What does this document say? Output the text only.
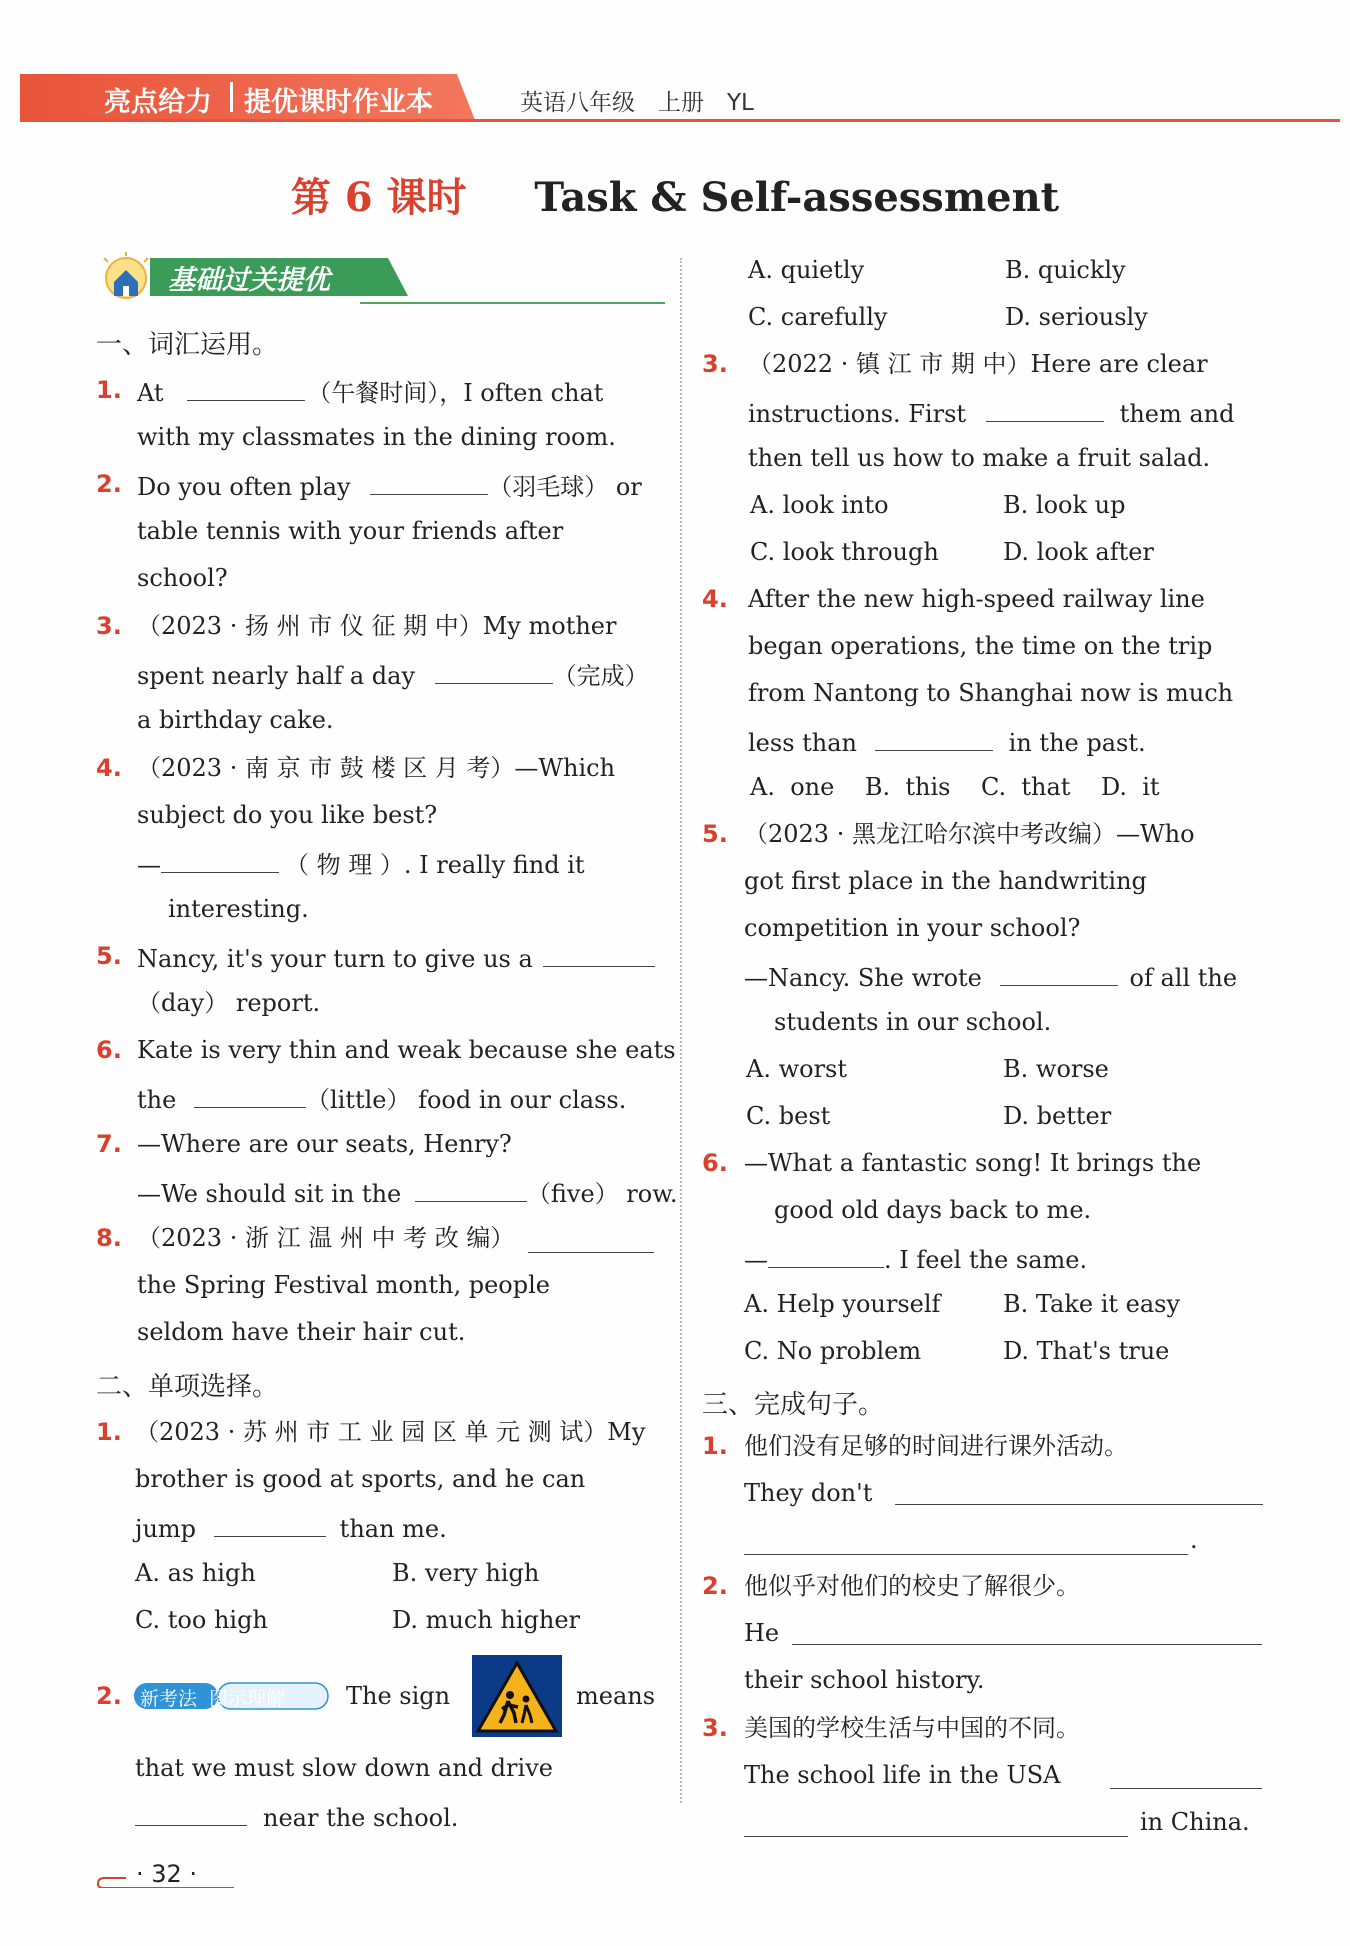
亮点给力 提优课时作业本	英语八年级　上册　YL
第 6 课时 Task & Self-assessment
基础过关提优
一、词汇运用。
1. At	（午餐时间），I often chat
with my classmates in the dining room.
2. Do you often play	（羽毛球） or
table tennis with your friends after
school?
3. （2023 · 扬 州 市 仪 征 期 中）My mother
spent nearly half a day	（完成）
a birthday cake.
4. （2023 · 南 京 市 鼓 楼 区 月 考）—Which
subject do you like best?
—	（ 物 理 ）. I really find it
interesting.
5. Nancy, it's your turn to give us a
（day） report.
6. Kate is very thin and weak because she eats
the	（little） food in our class.
7. —Where are our seats, Henry?
—We should sit in the	（five） row.
8. （2023 · 浙 江 温 州 中 考 改 编）
the Spring Festival month, people
seldom have their hair cut.
二、单项选择。
1. （2023 · 苏 州 市 工 业 园 区 单 元 测 试）My
brother is good at sports, and he can
jump	than me.
A. as high	B. very high
C. too high	D. much higher
2. 新考法  图示理解	The sign	means
that we must slow down and drive
near the school.
· 32 ·
A. quietly	B. quickly
C. carefully	D. seriously
3. （2022 · 镇 江 市 期 中）Here are clear
instructions. First	them and
then tell us how to make a fruit salad.
A. look into	B. look up
C. look through	D. look after
4. After the new high-speed railway line
began operations, the time on the trip
from Nantong to Shanghai now is much
less than	in the past.
A.  one    B.  this    C.  that    D.  it
5. （2023 · 黑龙江哈尔滨中考改编）—Who
got first place in the handwriting
competition in your school?
—Nancy. She wrote	of all the
students in our school.
A. worst	B. worse
C. best	D. better
6. —What a fantastic song! It brings the
good old days back to me.
—	. I feel the same.
A. Help yourself	B. Take it easy
C. No problem	D. That's true
三、完成句子。
1. 他们没有足够的时间进行课外活动。
They don't
.
2. 他似乎对他们的校史了解很少。
He
their school history.
3. 美国的学校生活与中国的不同。
The school life in the USA
in China.
